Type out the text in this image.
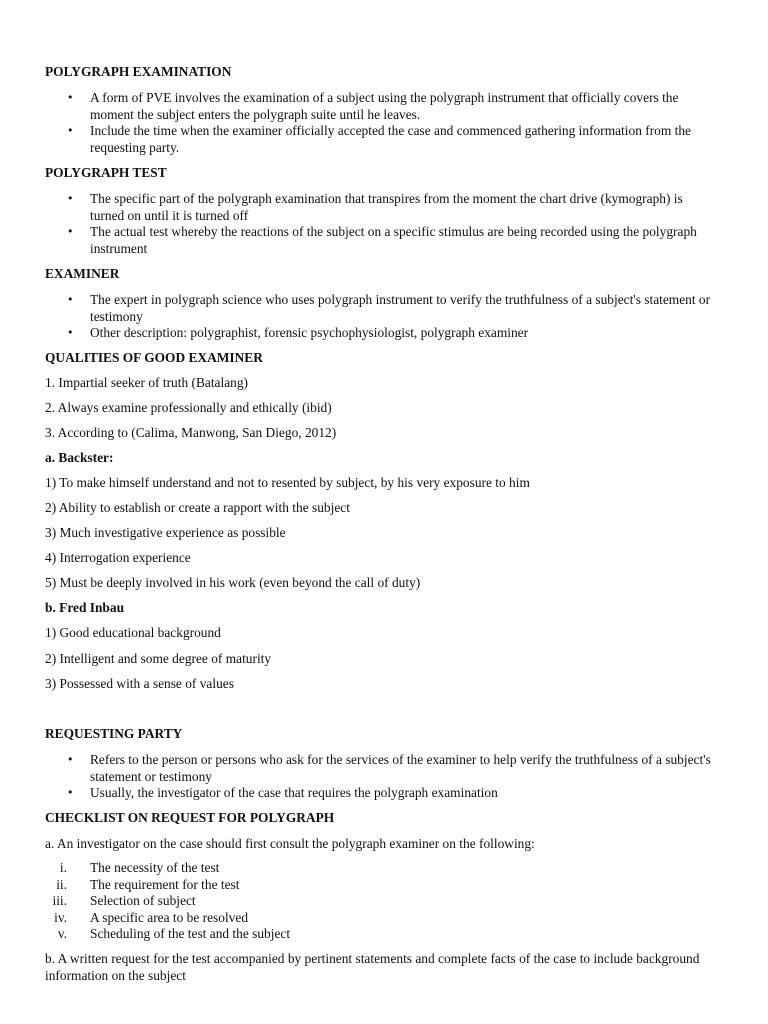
POLYGRAPH EXAMINATION
• A form of PVE involves the examination of a subject using the polygraph instrument that officially covers the moment the subject enters the polygraph suite until he leaves.
• Include the time when the examiner officially accepted the case and commenced gathering information from the requesting party.
POLYGRAPH TEST
• The specific part of the polygraph examination that transpires from the moment the chart drive (kymograph) is turned on until it is turned off
• The actual test whereby the reactions of the subject on a specific stimulus are being recorded using the polygraph instrument
EXAMINER
• The expert in polygraph science who uses polygraph instrument to verify the truthfulness of a subject's statement or testimony
• Other description: polygraphist, forensic psychophysiologist, polygraph examiner
QUALITIES OF GOOD EXAMINER

1. Impartial seeker of truth (Batalang)

2. Always examine professionally and ethically (ibid)

3. According to (Calima, Manwong, San Diego, 2012)

a. Backster:

1) To make himself understand and not to resented by subject, by his very exposure to him

2) Ability to establish or create a rapport with the subject

3) Much investigative experience as possible

4) Interrogation experience

5) Must be deeply involved in his work (even beyond the call of duty)

b. Fred Inbau

1) Good educational background

2) Intelligent and some degree of maturity

3) Possessed with a sense of values

REQUESTING PARTY
• Refers to the person or persons who ask for the services of the examiner to help verify the truthfulness of a subject's statement or testimony
• Usually, the investigator of the case that requires the polygraph examination
CHECKLIST ON REQUEST FOR POLYGRAPH

a. An investigator on the case should first consult the polygraph examiner on the following:

i. The necessity of the test
ii. The requirement for the test
iii. Selection of subject
iv. A specific area to be resolved
v. Scheduling of the test and the subject

b. A written request for the test accompanied by pertinent statements and complete facts of the case to include background information on the subject
